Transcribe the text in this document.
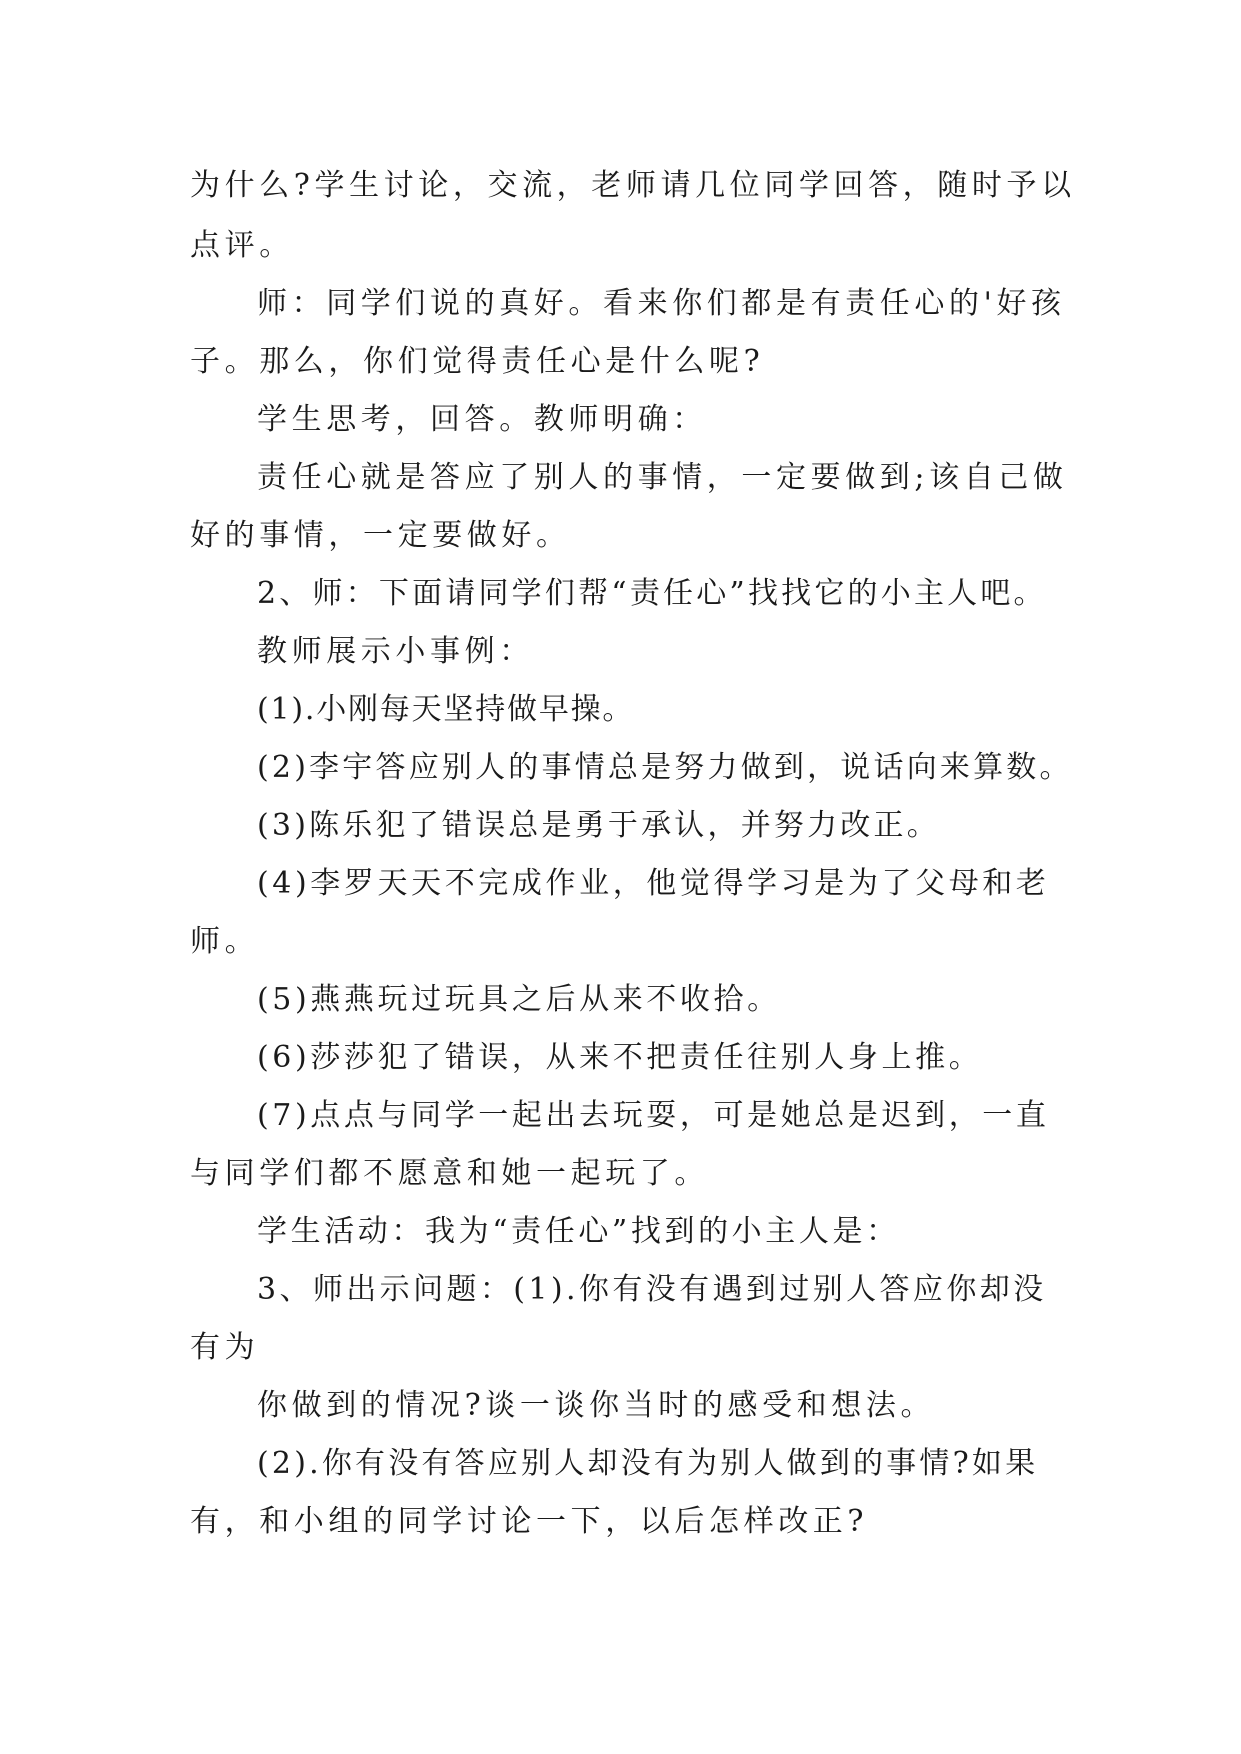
为什么?学生讨论，交流，老师请几位同学回答，随时予以
点评。
师：同学们说的真好。看来你们都是有责任心的'好孩
子。那么，你们觉得责任心是什么呢?
学生思考，回答。教师明确：
责任心就是答应了别人的事情，一定要做到;该自己做
好的事情，一定要做好。
2、师：下面请同学们帮“责任心”找找它的小主人吧。
教师展示小事例：
(1).小刚每天坚持做早操。
(2)李宇答应别人的事情总是努力做到，说话向来算数。
(3)陈乐犯了错误总是勇于承认，并努力改正。
(4)李罗天天不完成作业，他觉得学习是为了父母和老
师。
(5)燕燕玩过玩具之后从来不收拾。
(6)莎莎犯了错误，从来不把责任往别人身上推。
(7)点点与同学一起出去玩耍，可是她总是迟到，一直
与同学们都不愿意和她一起玩了。
学生活动：我为“责任心”找到的小主人是：
3、师出示问题：(1).你有没有遇到过别人答应你却没
有为
你做到的情况?谈一谈你当时的感受和想法。
(2).你有没有答应别人却没有为别人做到的事情?如果
有，和小组的同学讨论一下，以后怎样改正?
